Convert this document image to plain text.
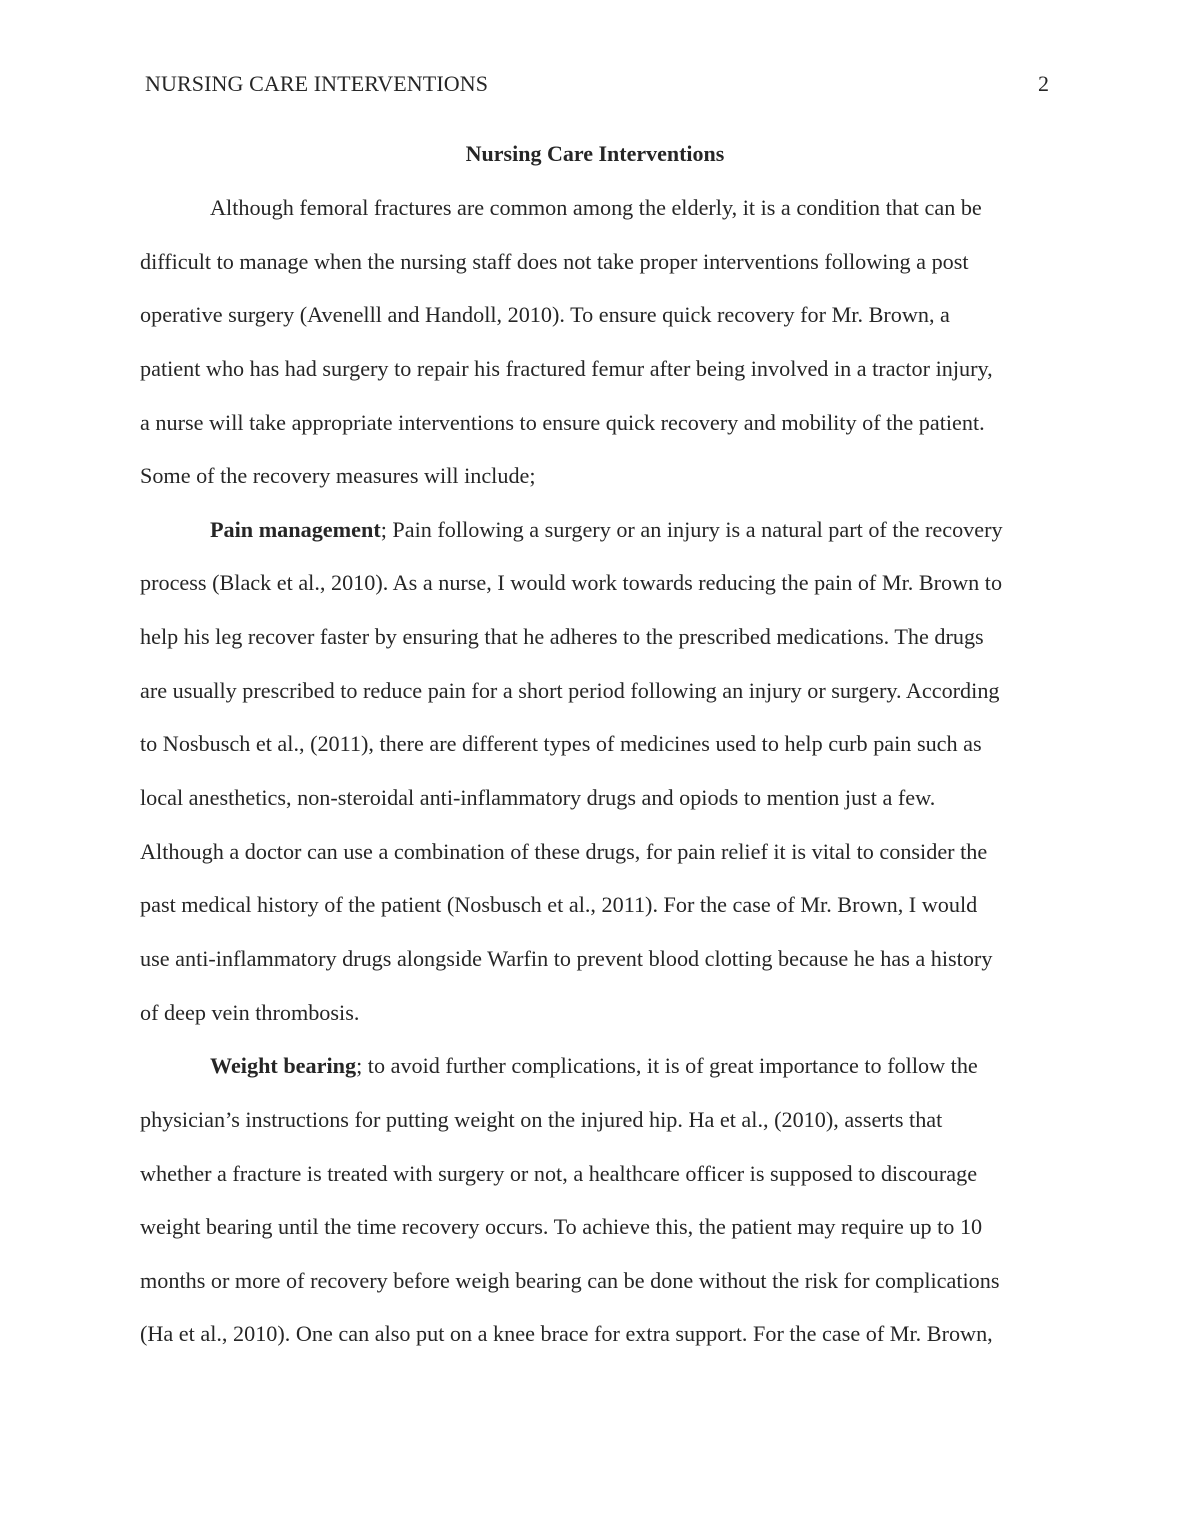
NURSING CARE INTERVENTIONS	2
Nursing Care Interventions
Although femoral fractures are common among the elderly, it is a condition that can be
difficult to manage when the nursing staff does not take proper interventions following a post
operative surgery (Avenelll and Handoll, 2010). To ensure quick recovery for Mr. Brown, a
patient who has had surgery to repair his fractured femur after being involved in a tractor injury,
a nurse will take appropriate interventions to ensure quick recovery and mobility of the patient.
Some of the recovery measures will include;
Pain management; Pain following a surgery or an injury is a natural part of the recovery
process (Black et al., 2010). As a nurse, I would work towards reducing the pain of Mr. Brown to
help his leg recover faster by ensuring that he adheres to the prescribed medications. The drugs
are usually prescribed to reduce pain for a short period following an injury or surgery. According
to Nosbusch et al., (2011), there are different types of medicines used to help curb pain such as
local anesthetics, non-steroidal anti-inflammatory drugs and opiods to mention just a few.
Although a doctor can use a combination of these drugs, for pain relief it is vital to consider the
past medical history of the patient (Nosbusch et al., 2011). For the case of Mr. Brown, I would
use anti-inflammatory drugs alongside Warfin to prevent blood clotting because he has a history
of deep vein thrombosis.
Weight bearing; to avoid further complications, it is of great importance to follow the
physician’s instructions for putting weight on the injured hip. Ha et al., (2010), asserts that
whether a fracture is treated with surgery or not, a healthcare officer is supposed to discourage
weight bearing until the time recovery occurs. To achieve this, the patient may require up to 10
months or more of recovery before weigh bearing can be done without the risk for complications
(Ha et al., 2010). One can also put on a knee brace for extra support. For the case of Mr. Brown,
